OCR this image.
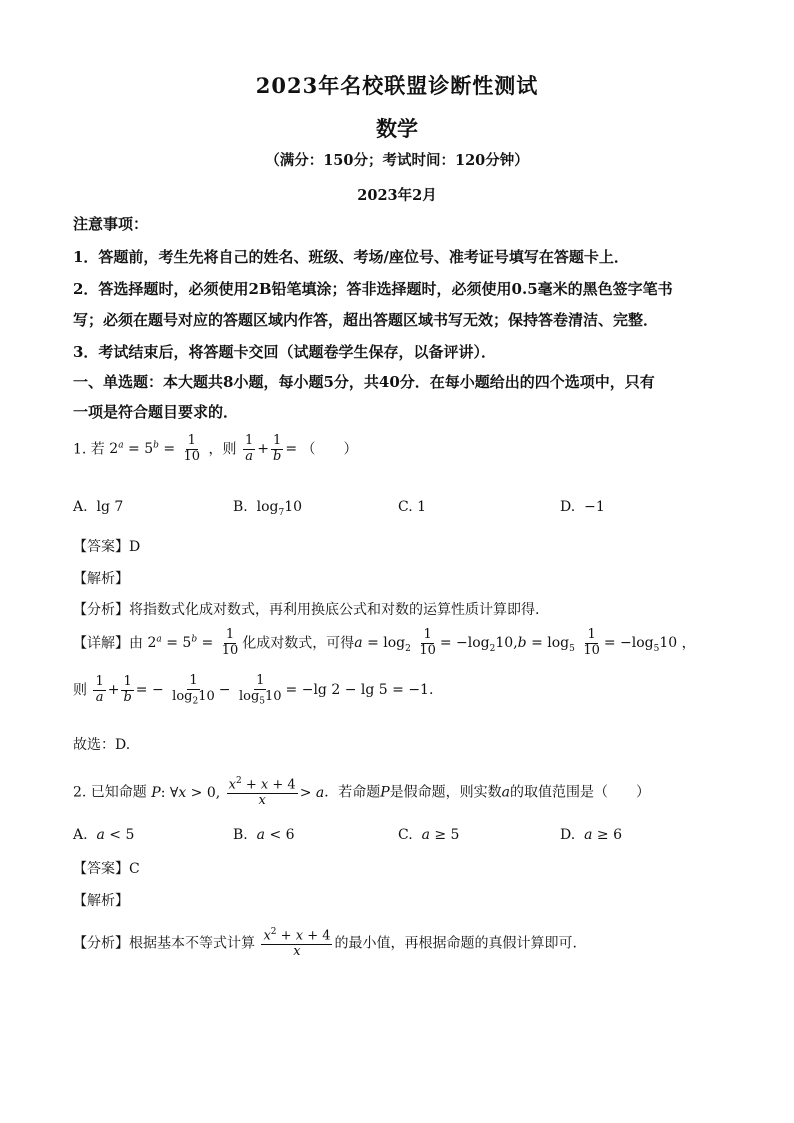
2023年名校联盟诊断性测试
数学
（满分：150分；考试时间：120分钟）
2023年2月
注意事项：
1．答题前，考生先将自己的姓名、班级、考场/座位号、准考证号填写在答题卡上．
2．答选择题时，必须使用2B铅笔填涂；答非选择题时，必须使用0.5毫米的黑色签字笔书
写；必须在题号对应的答题区域内作答，超出答题区域书写无效；保持答卷清洁、完整．
3．考试结束后，将答题卡交回（试题卷学生保存，以备评讲）．
一、单选题：本大题共8小题，每小题5分，共40分．在每小题给出的四个选项中，只有
一项是符合题目要求的．
1. 若 $2^a = 5^b = \frac{1}{10}$ ，则 $\frac{1}{a} + \frac{1}{b}$ = （　　）
A. lg 7	B.  $\log_710$	C. 1	D. −1
【答案】D
【解析】
【分析】将指数式化成对数式，再利用换底公式和对数的运算性质计算即得.
【详解】由 $2^a = 5^b = \frac{1}{10}$ 化成对数式，可得$a = \log_2 \frac{1}{10} = -\log_210,b = \log_5 \frac{1}{10} = -\log_510$ ，
则 $\frac{1}{a} + \frac{1}{b}$ = − $\frac{1}{\log_210} - \frac{1}{\log_510} = -\lg$ 2 − lg 5 = −1.
故选：D.
2. 已知命题 P: ∀x > 0, $\frac{x^2 + x + 4}{x} > a$．若命题P是假命题，则实数a的取值范围是（　　）
A. a < 5	B. a < 6	C. a ≥ 5	D. a ≥ 6
【答案】C
【解析】
【分析】根据基本不等式计算 $\frac{x^2 + x + 4}{x}$ 的最小值，再根据命题的真假计算即可.
